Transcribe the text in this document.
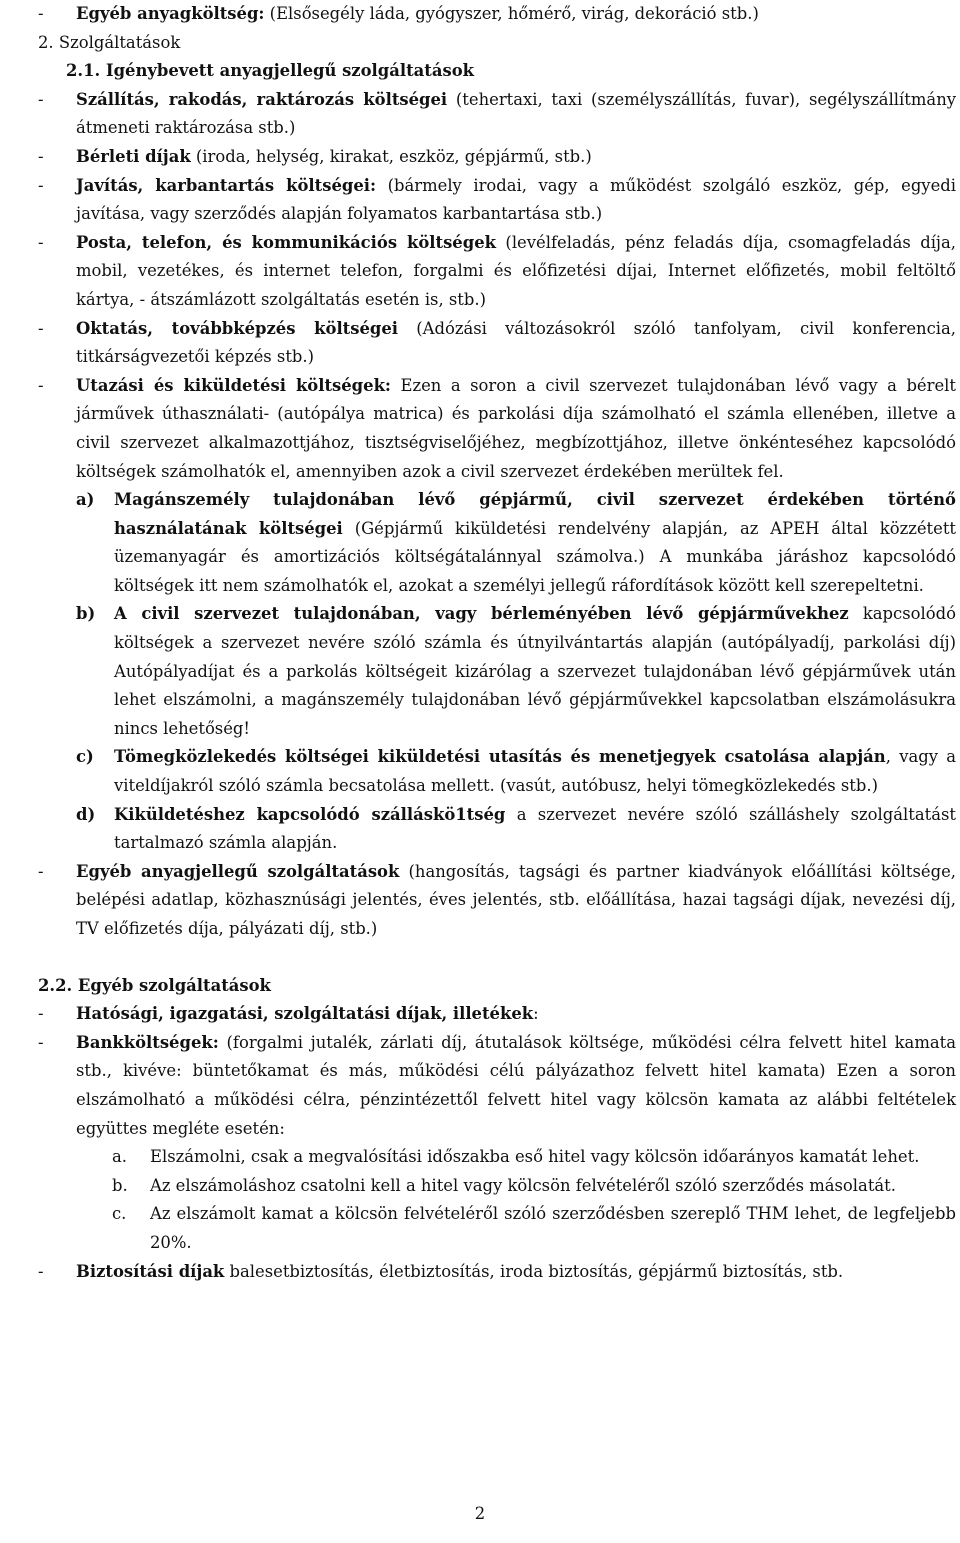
-	Egyéb anyagköltség: (Elsősegély láda, gyógyszer, hőmérő, virág, dekoráció stb.)
2. Szolgáltatások
2.1. Igénybevett anyagjellegű szolgáltatások
-	Szállítás, rakodás, raktározás költségei (tehertaxi, taxi (személyszállítás, fuvar), segélyszállítmány átmeneti raktározása stb.)
-	Bérleti díjak (iroda, helység, kirakat, eszköz, gépjármű, stb.)
-	Javítás, karbantartás költségei: (bármely irodai, vagy a működést szolgáló eszköz, gép, egyedi javítása, vagy szerződés alapján folyamatos karbantartása stb.)
-	Posta, telefon, és kommunikációs költségek (levélfeladás, pénz feladás díja, csomagfeladás díja, mobil, vezetékes, és internet telefon, forgalmi és előfizetési díjai, Internet előfizetés, mobil feltöltő kártya, - átszámlázott szolgáltatás esetén is, stb.)
-	Oktatás, továbbképzés költségei (Adózási változásokról szóló tanfolyam, civil konferencia, titkárságvezetői képzés stb.)
-	Utazási és kiküldetési költségek: Ezen a soron a civil szervezet tulajdonában lévő vagy a bérelt járművek úthasználati- (autópálya matrica) és parkolási díja számolható el számla ellenében, illetve a civil szervezet alkalmazottjához, tisztségviselőjéhez, megbízottjához, illetve önkénteséhez kapcsolódó költségek számolhatók el, amennyiben azok a civil szervezet érdekében merültek fel.
a)	Magánszemély tulajdonában lévő gépjármű, civil szervezet érdekében történő használatának költségei (Gépjármű kiküldetési rendelvény alapján, az APEH által közzétett üzemanyagár és amortizációs költségátalánnyal számolva.) A munkába járáshoz kapcsolódó költségek itt nem számolhatók el, azokat a személyi jellegű ráfordítások között kell szerepeltetni.
b)	A civil szervezet tulajdonában, vagy bérleményében lévő gépjárművekhez kapcsolódó költségek a szervezet nevére szóló számla és útnyilvántartás alapján (autópályadíj, parkolási díj) Autópályadíjat és a parkolás költségeit kizárólag a szervezet tulajdonában lévő gépjárművek után lehet elszámolni, a magánszemély tulajdonában lévő gépjárművekkel kapcsolatban elszámolásukra nincs lehetőség!
c)	Tömegközlekedés költségei kiküldetési utasítás és menetjegyek csatolása alapján, vagy a viteldíjakról szóló számla becsatolása mellett. (vasút, autóbusz, helyi tömegközlekedés stb.)
d)	Kiküldetéshez kapcsolódó szálláskö1tség a szervezet nevére szóló szálláshely szolgáltatást tartalmazó számla alapján.
-	Egyéb anyagjellegű szolgáltatások (hangosítás, tagsági és partner kiadványok előállítási költsége, belépési adatlap, közhasznúsági jelentés, éves jelentés, stb. előállítása, hazai tagsági díjak, nevezési díj, TV előfizetés díja, pályázati díj, stb.)
2.2. Egyéb szolgáltatások
-	Hatósági, igazgatási, szolgáltatási díjak, illetékek:
-	Bankköltségek: (forgalmi jutalék, zárlati díj, átutalások költsége, működési célra felvett hitel kamata stb., kivéve: büntetőkamat és más, működési célú pályázathoz felvett hitel kamata) Ezen a soron elszámolható a működési célra, pénzintézettől felvett hitel vagy kölcsön kamata az alábbi feltételek együttes megléte esetén:
a.	Elszámolni, csak a megvalósítási időszakba eső hitel vagy kölcsön időarányos kamatát lehet.
b.	Az elszámoláshoz csatolni kell a hitel vagy kölcsön felvételéről szóló szerződés másolatát.
c.	Az elszámolt kamat a kölcsön felvételéről szóló szerződésben szereplő THM lehet, de legfeljebb 20%.
-	Biztosítási díjak balesetbiztosítás, életbiztosítás, iroda biztosítás, gépjármű biztosítás, stb.
2
